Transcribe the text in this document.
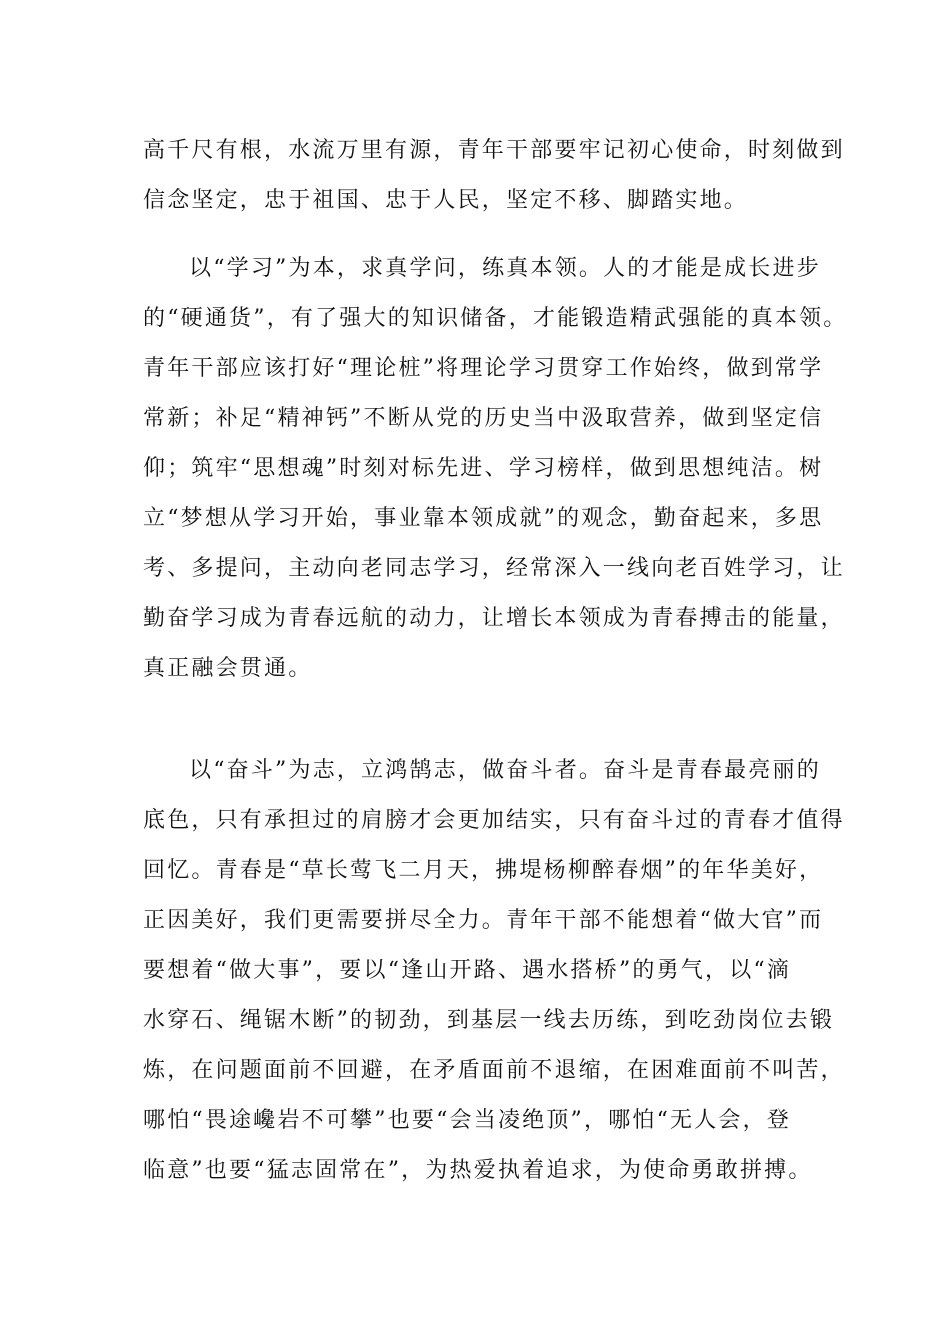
高千尺有根，水流万里有源，青年干部要牢记初心使命，时刻做到
信念坚定，忠于祖国、忠于人民，坚定不移、脚踏实地。
以“学习”为本，求真学问，练真本领。人的才能是成长进步
的“硬通货”，有了强大的知识储备，才能锻造精武强能的真本领。
青年干部应该打好“理论桩”将理论学习贯穿工作始终，做到常学
常新；补足“精神钙”不断从党的历史当中汲取营养，做到坚定信
仰；筑牢“思想魂”时刻对标先进、学习榜样，做到思想纯洁。树
立“梦想从学习开始，事业靠本领成就”的观念，勤奋起来，多思
考、多提问，主动向老同志学习，经常深入一线向老百姓学习，让
勤奋学习成为青春远航的动力，让增长本领成为青春搏击的能量，
真正融会贯通。
以“奋斗”为志，立鸿鹄志，做奋斗者。奋斗是青春最亮丽的
底色，只有承担过的肩膀才会更加结实，只有奋斗过的青春才值得
回忆。青春是“草长莺飞二月天，拂堤杨柳醉春烟”的年华美好，
正因美好，我们更需要拼尽全力。青年干部不能想着“做大官”而
要想着“做大事”，要以“逢山开路、遇水搭桥”的勇气，以“滴
水穿石、绳锯木断”的韧劲，到基层一线去历练，到吃劲岗位去锻
炼，在问题面前不回避，在矛盾面前不退缩，在困难面前不叫苦，
哪怕“畏途巉岩不可攀”也要“会当凌绝顶”，哪怕“无人会，登
临意”也要“猛志固常在”，为热爱执着追求，为使命勇敢拼搏。
